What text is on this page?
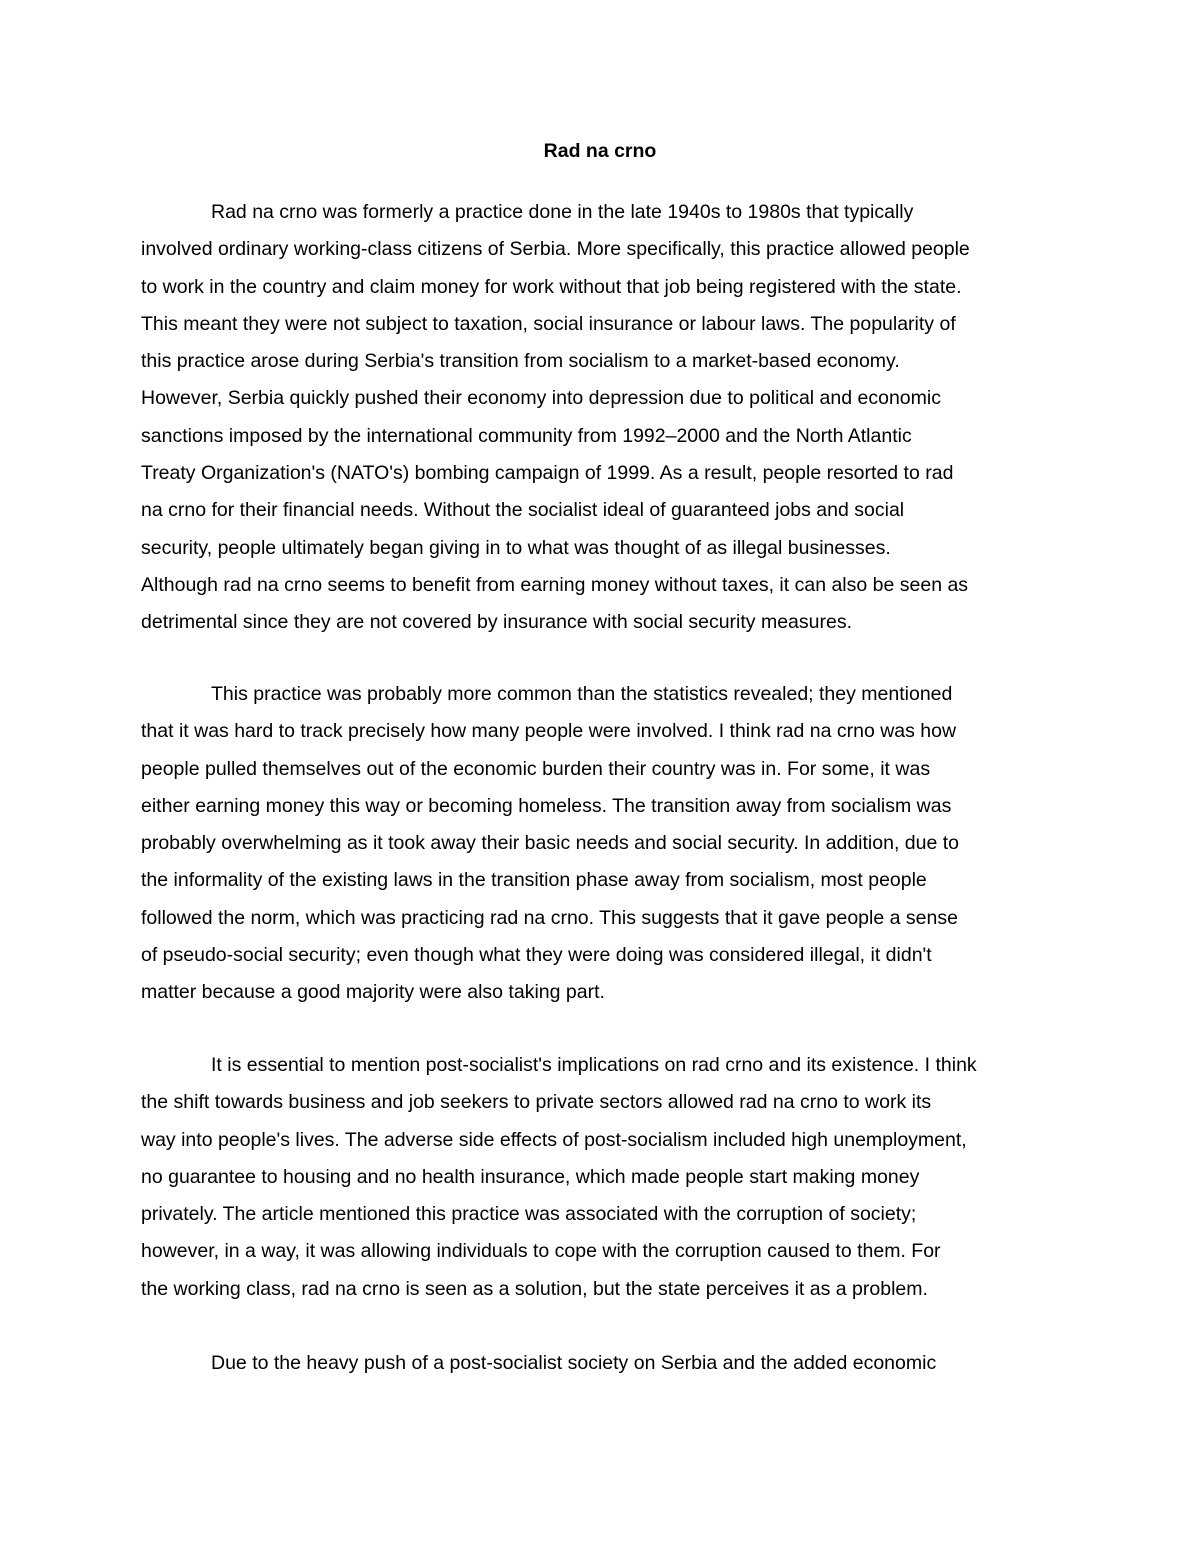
Rad na crno
Rad na crno was formerly a practice done in the late 1940s to 1980s that typically
involved ordinary working-class citizens of Serbia. More specifically, this practice allowed people
to work in the country and claim money for work without that job being registered with the state.
This meant they were not subject to taxation, social insurance or labour laws. The popularity of
this practice arose during Serbia's transition from socialism to a market-based economy.
However, Serbia quickly pushed their economy into depression due to political and economic
sanctions imposed by the international community from 1992–2000 and the North Atlantic
Treaty Organization's (NATO's) bombing campaign of 1999. As a result, people resorted to rad
na crno for their financial needs. Without the socialist ideal of guaranteed jobs and social
security, people ultimately began giving in to what was thought of as illegal businesses.
Although rad na crno seems to benefit from earning money without taxes, it can also be seen as
detrimental since they are not covered by insurance with social security measures.
This practice was probably more common than the statistics revealed; they mentioned
that it was hard to track precisely how many people were involved. I think rad na crno was how
people pulled themselves out of the economic burden their country was in. For some, it was
either earning money this way or becoming homeless. The transition away from socialism was
probably overwhelming as it took away their basic needs and social security. In addition, due to
the informality of the existing laws in the transition phase away from socialism, most people
followed the norm, which was practicing rad na crno. This suggests that it gave people a sense
of pseudo-social security; even though what they were doing was considered illegal, it didn't
matter because a good majority were also taking part.
It is essential to mention post-socialist's implications on rad crno and its existence. I think
the shift towards business and job seekers to private sectors allowed rad na crno to work its
way into people's lives. The adverse side effects of post-socialism included high unemployment,
no guarantee to housing and no health insurance, which made people start making money
privately. The article mentioned this practice was associated with the corruption of society;
however, in a way, it was allowing individuals to cope with the corruption caused to them. For
the working class, rad na crno is seen as a solution, but the state perceives it as a problem.
Due to the heavy push of a post-socialist society on Serbia and the added economic
